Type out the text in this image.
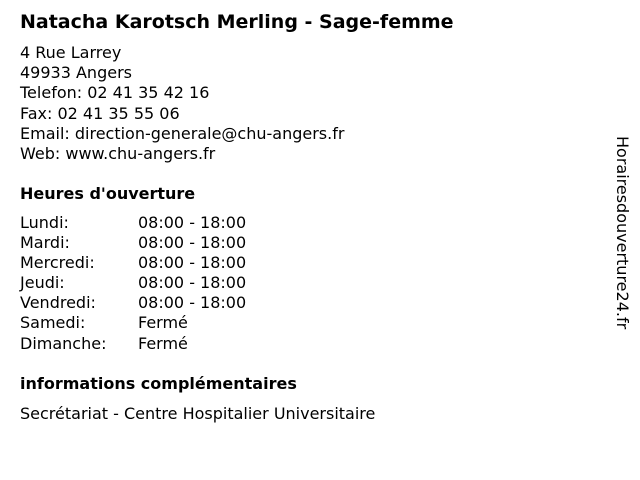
Natacha Karotsch Merling - Sage-femme
4 Rue Larrey
49933 Angers
Telefon: 02 41 35 42 16
Fax: 02 41 35 55 06
Email: direction-generale@chu-angers.fr
Web: www.chu-angers.fr
Heures d'ouverture
Lundi:	08:00 - 18:00
Mardi:	08:00 - 18:00
Mercredi:	08:00 - 18:00
Jeudi:	08:00 - 18:00
Vendredi:	08:00 - 18:00
Samedi:	Fermé
Dimanche: Fermé
informations complémentaires
Secrétariat - Centre Hospitalier Universitaire
Horairesdouverture24.fr
